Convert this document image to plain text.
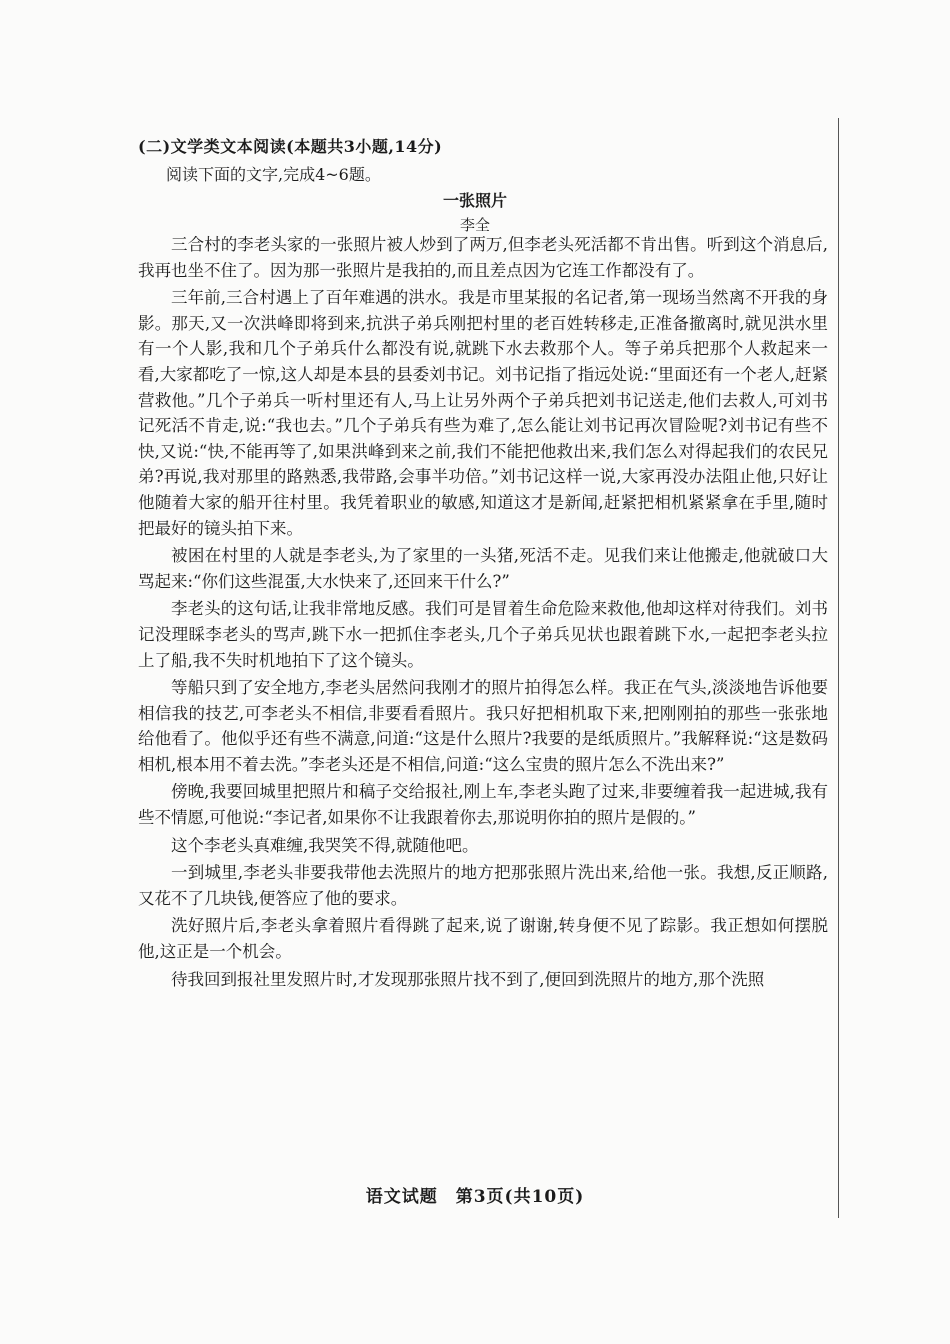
(二)文学类文本阅读(本题共3小题,14分)
阅读下面的文字,完成4~6题。
一张照片
李全

三合村的李老头家的一张照片被人炒到了两万,但李老头死活都不肯出售。听到这个消息后,我再也坐不住了。因为那一张照片是我拍的,而且差点因为它连工作都没有了。

三年前,三合村遇上了百年难遇的洪水。我是市里某报的名记者,第一现场当然离不开我的身影。那天,又一次洪峰即将到来,抗洪子弟兵刚把村里的老百姓转移走,正准备撤离时,就见洪水里有一个人影,我和几个子弟兵什么都没有说,就跳下水去救那个人。等子弟兵把那个人救起来一看,大家都吃了一惊,这人却是本县的县委刘书记。刘书记指了指远处说:“里面还有一个老人,赶紧营救他。”几个子弟兵一听村里还有人,马上让另外两个子弟兵把刘书记送走,他们去救人,可刘书记死活不肯走,说:“我也去。”几个子弟兵有些为难了,怎么能让刘书记再次冒险呢?刘书记有些不快,又说:“快,不能再等了,如果洪峰到来之前,我们不能把他救出来,我们怎么对得起我们的农民兄弟?再说,我对那里的路熟悉,我带路,会事半功倍。”刘书记这样一说,大家再没办法阻止他,只好让他随着大家的船开往村里。我凭着职业的敏感,知道这才是新闻,赶紧把相机紧紧拿在手里,随时把最好的镜头拍下来。

被困在村里的人就是李老头,为了家里的一头猪,死活不走。见我们来让他搬走,他就破口大骂起来:“你们这些混蛋,大水快来了,还回来干什么?”

李老头的这句话,让我非常地反感。我们可是冒着生命危险来救他,他却这样对待我们。刘书记没理睬李老头的骂声,跳下水一把抓住李老头,几个子弟兵见状也跟着跳下水,一起把李老头拉上了船,我不失时机地拍下了这个镜头。

等船只到了安全地方,李老头居然问我刚才的照片拍得怎么样。我正在气头,淡淡地告诉他要相信我的技艺,可李老头不相信,非要看看照片。我只好把相机取下来,把刚刚拍的那些一张张地给他看了。他似乎还有些不满意,问道:“这是什么照片?我要的是纸质照片。”我解释说:“这是数码相机,根本用不着去洗。”李老头还是不相信,问道:“这么宝贵的照片怎么不洗出来?”

傍晚,我要回城里把照片和稿子交给报社,刚上车,李老头跑了过来,非要缠着我一起进城,我有些不情愿,可他说:“李记者,如果你不让我跟着你去,那说明你拍的照片是假的。”

这个李老头真难缠,我哭笑不得,就随他吧。

一到城里,李老头非要我带他去洗照片的地方把那张照片洗出来,给他一张。我想,反正顺路,又花不了几块钱,便答应了他的要求。

洗好照片后,李老头拿着照片看得跳了起来,说了谢谢,转身便不见了踪影。我正想如何摆脱他,这正是一个机会。

待我回到报社里发照片时,才发现那张照片找不到了,便回到洗照片的地方,那个洗照

语文试题　第3页(共10页)
